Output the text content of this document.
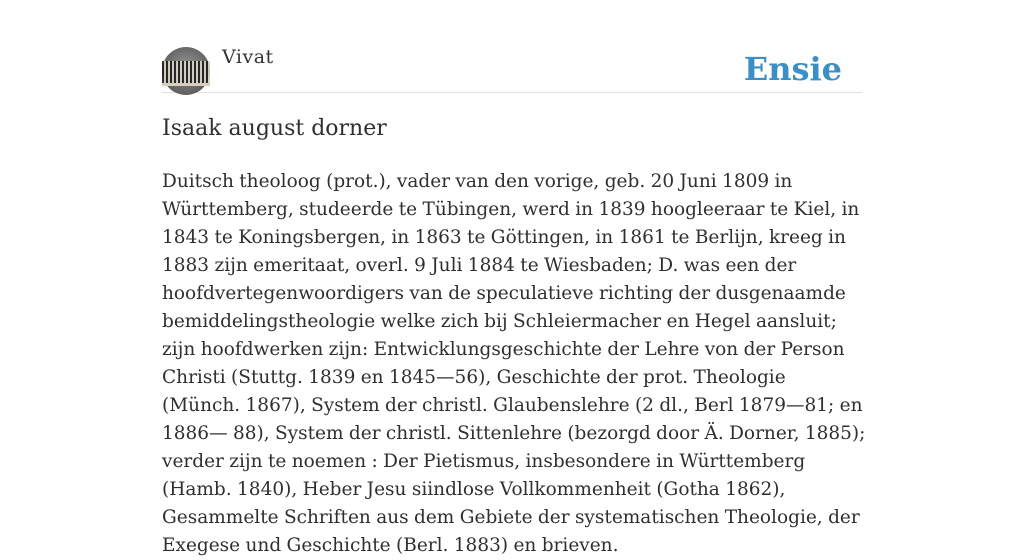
Vivat	Ensie
Isaak august dorner

Duitsch theoloog (prot.), vader van den vorige, geb. 20 Juni 1809 in Württemberg, studeerde te Tübingen, werd in 1839 hoogleeraar te Kiel, in 1843 te Koningsbergen, in 1863 te Göttingen, in 1861 te Berlijn, kreeg in 1883 zijn emeritaat, overl. 9 Juli 1884 te Wiesbaden; D. was een der hoofdvertegenwoordigers van de speculatieve richting der dusgenaamde bemiddelingstheologie welke zich bij Schleiermacher en Hegel aansluit; zijn hoofdwerken zijn: Entwicklungsgeschichte der Lehre von der Person Christi (Stuttg. 1839 en 1845—56), Geschichte der prot. Theologie (Münch. 1867), System der christl. Glaubenslehre (2 dl., Berl 1879—81; en 1886— 88), System der christl. Sittenlehre (bezorgd door Ä. Dorner, 1885); verder zijn te noemen : Der Pietismus, insbesondere in Württemberg (Hamb. 1840), Heber Jesu siindlose Vollkommenheit (Gotha 1862), Gesammelte Schriften aus dem Gebiete der systematischen Theologie, der Exegese und Geschichte (Berl. 1883) en brieven.
